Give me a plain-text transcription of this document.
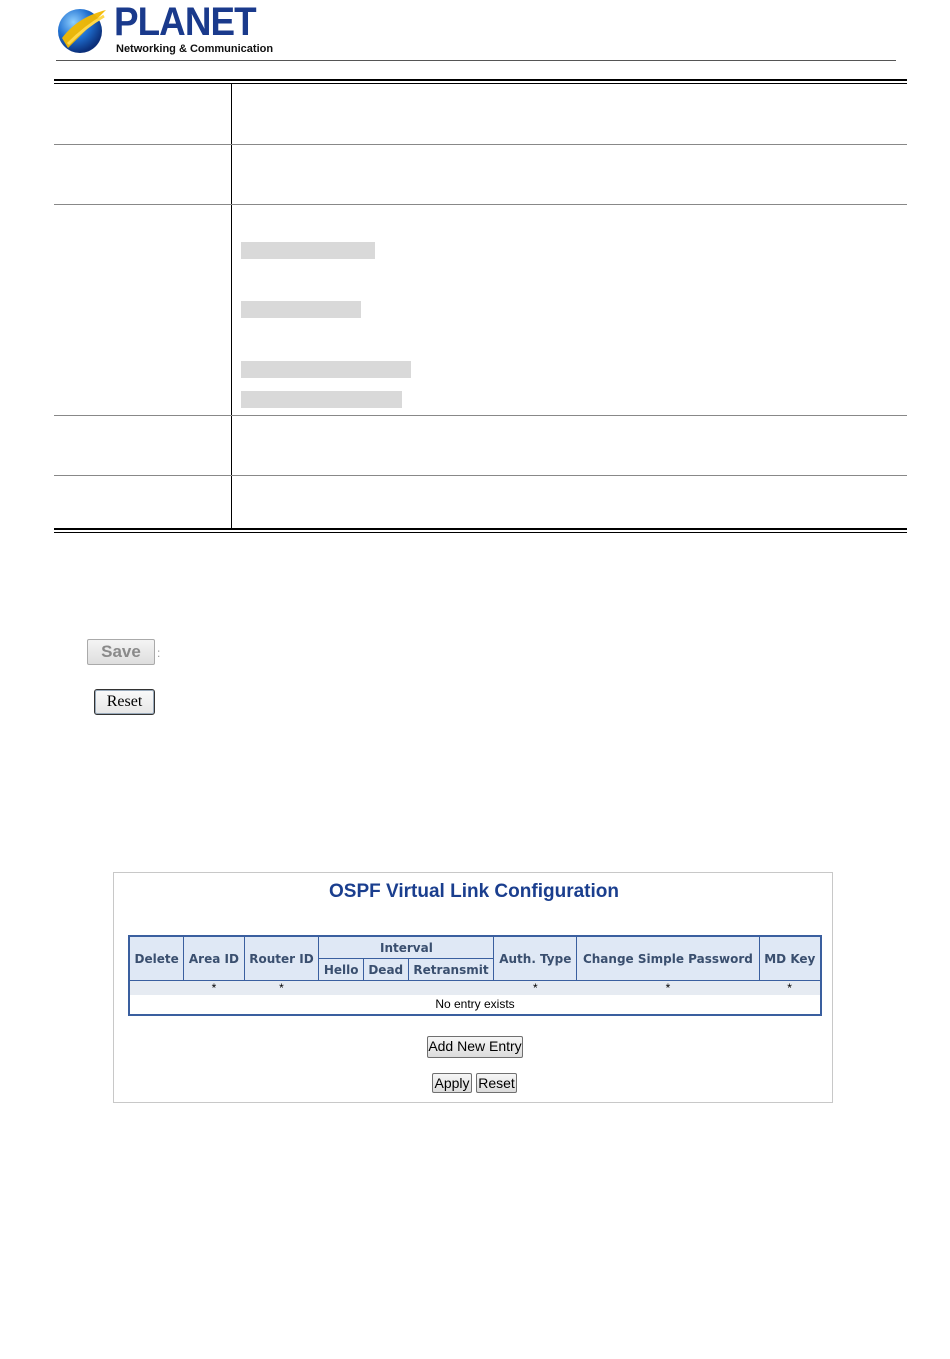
PLANET
Networking & Communication
Save	:
Reset
OSPF Virtual Link Configuration
Delete	Area ID	Router ID	Interval			Auth. Type	Change Simple Password	MD Key
			Hello	Dead	Retransmit			
	*	*				*	*	*
No entry exists								
Add New Entry
Apply Reset
